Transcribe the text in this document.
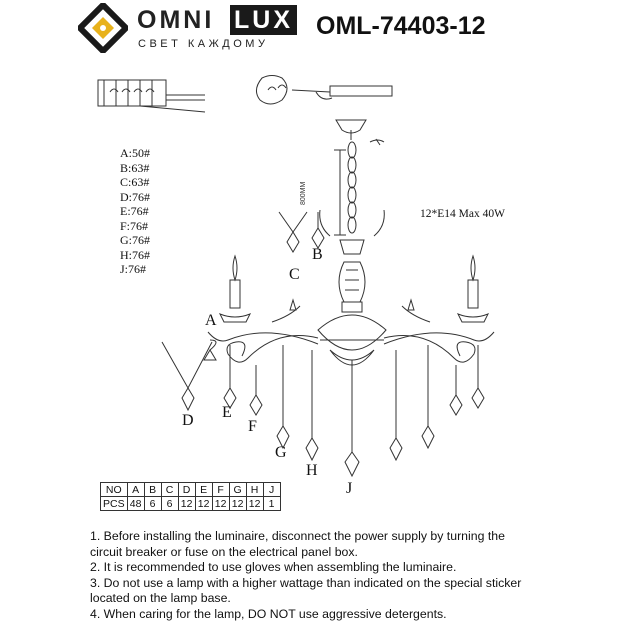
OMNI LUX
СВЕТ КАЖДОМУ
OML-74403-12
A:50#
B:63#
C:63#
D:76#
E:76#
F:76#
G:76#
H:76#
J:76#
12*E14 Max 40W
800MM
A
B
C
D E
F
G
H
J
NO	A	B	C	D	E	F	G	H	J
PCS	48	6	6	12	12	12	12	12	1
1. Before installing the luminaire, disconnect the power supply by turning the circuit breaker or fuse on the electrical panel box.
2. It is recommended to use gloves when assembling the luminaire.
3. Do not use a lamp with a higher wattage than indicated on the special sticker located on the lamp base.
4. When caring for the lamp, DO NOT use aggressive detergents.
